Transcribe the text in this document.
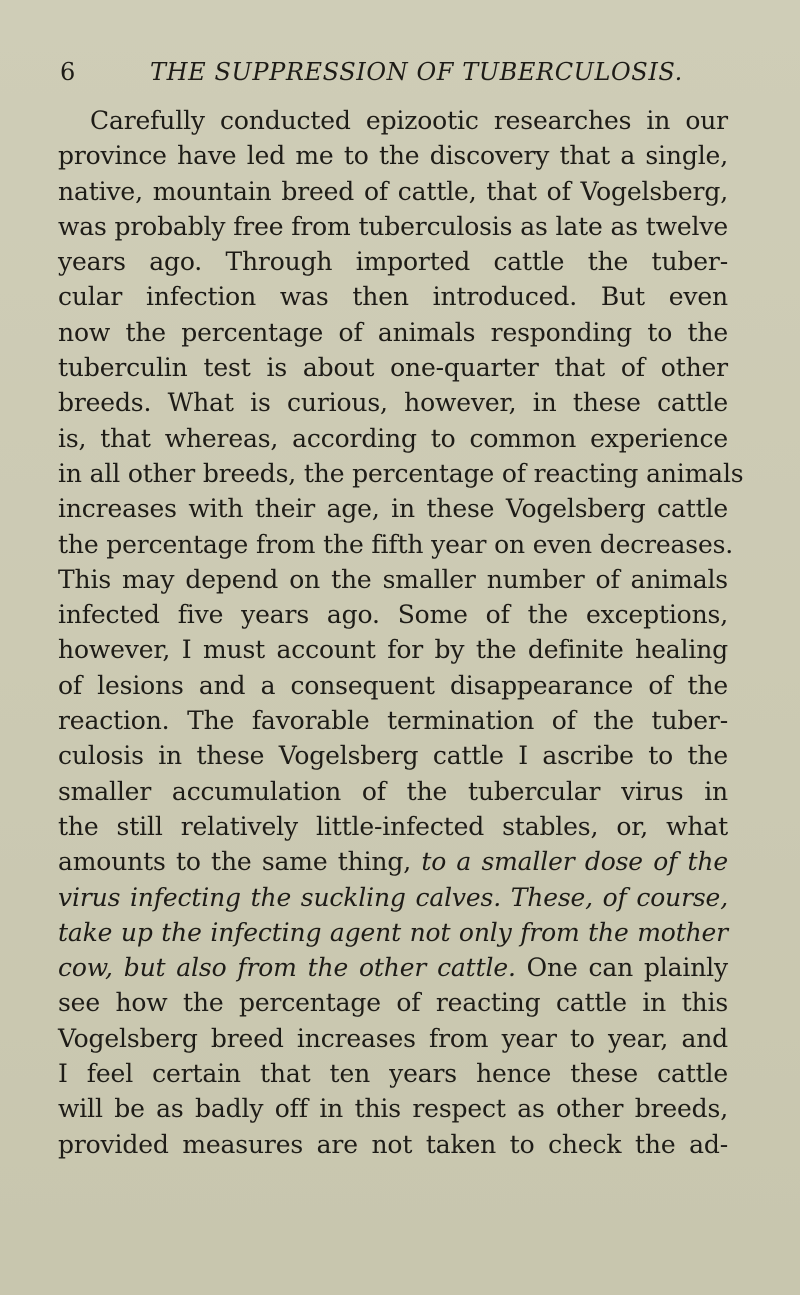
6	THE SUPPRESSION OF TUBERCULOSIS.
Carefully conducted epizootic researches in our
province have led me to the discovery that a single,
native, mountain breed of cattle, that of Vogelsberg,
was probably free from tuberculosis as late as twelve
years ago. Through imported cattle the tuber-
cular infection was then introduced. But even
now the percentage of animals responding to the
tuberculin test is about one-quarter that of other
breeds. What is curious, however, in these cattle
is, that whereas, according to common experience
in all other breeds, the percentage of reacting animals
increases with their age, in these Vogelsberg cattle
the percentage from the fifth year on even decreases.
This may depend on the smaller number of animals
infected five years ago. Some of the exceptions,
however, I must account for by the definite healing
of lesions and a consequent disappearance of the
reaction. The favorable termination of the tuber-
culosis in these Vogelsberg cattle I ascribe to the
smaller accumulation of the tubercular virus in
the still relatively little-infected stables, or, what
amounts to the same thing, to a smaller dose of the
virus infecting the suckling calves. These, of course,
take up the infecting agent not only from the mother
cow, but also from the other cattle. One can plainly
see how the percentage of reacting cattle in this
Vogelsberg breed increases from year to year, and
I feel certain that ten years hence these cattle
will be as badly off in this respect as other breeds,
provided measures are not taken to check the ad-
